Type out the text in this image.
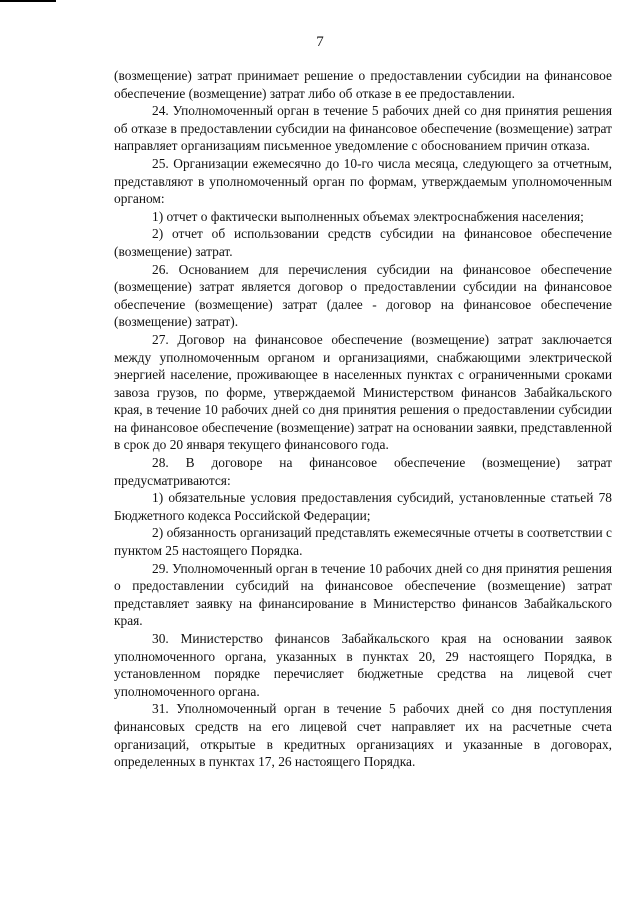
7

(возмещение) затрат принимает решение о предоставлении субсидии на финансовое обеспечение (возмещение) затрат либо об отказе в ее предоставлении.

24. Уполномоченный орган в течение 5 рабочих дней со дня принятия решения об отказе в предоставлении субсидии на финансовое обеспечение (возмещение) затрат направляет организациям письменное уведомление с обоснованием причин отказа.

25. Организации ежемесячно до 10-го числа месяца, следующего за отчетным, представляют в уполномоченный орган по формам, утверждаемым уполномоченным органом:

1) отчет о фактически выполненных объемах электроснабжения населения;

2) отчет об использовании средств субсидии на финансовое обеспечение (возмещение) затрат.

26. Основанием для перечисления субсидии на финансовое обеспечение (возмещение) затрат является договор о предоставлении субсидии на финансовое обеспечение (возмещение) затрат (далее - договор на финансовое обеспечение (возмещение) затрат).

27. Договор на финансовое обеспечение (возмещение) затрат заключается между уполномоченным органом и организациями, снабжающими электрической энергией население, проживающее в населенных пунктах с ограниченными сроками завоза грузов, по форме, утверждаемой Министерством финансов Забайкальского края, в течение 10 рабочих дней со дня принятия решения о предоставлении субсидии на финансовое обеспечение (возмещение) затрат на основании заявки, представленной в срок до 20 января текущего финансового года.

28. В договоре на финансовое обеспечение (возмещение) затрат предусматриваются:

1) обязательные условия предоставления субсидий, установленные статьей 78 Бюджетного кодекса Российской Федерации;

2) обязанность организаций представлять ежемесячные отчеты в соответствии с пунктом 25 настоящего Порядка.

29. Уполномоченный орган в течение 10 рабочих дней со дня принятия решения о предоставлении субсидий на финансовое обеспечение (возмещение) затрат представляет заявку на финансирование в Министерство финансов Забайкальского края.

30. Министерство финансов Забайкальского края на основании заявок уполномоченного органа, указанных в пунктах 20, 29 настоящего Порядка, в установленном порядке перечисляет бюджетные средства на лицевой счет уполномоченного органа.

31. Уполномоченный орган в течение 5 рабочих дней со дня поступления финансовых средств на его лицевой счет направляет их на расчетные счета организаций, открытые в кредитных организациях и указанные в договорах, определенных в пунктах 17, 26 настоящего Порядка.
